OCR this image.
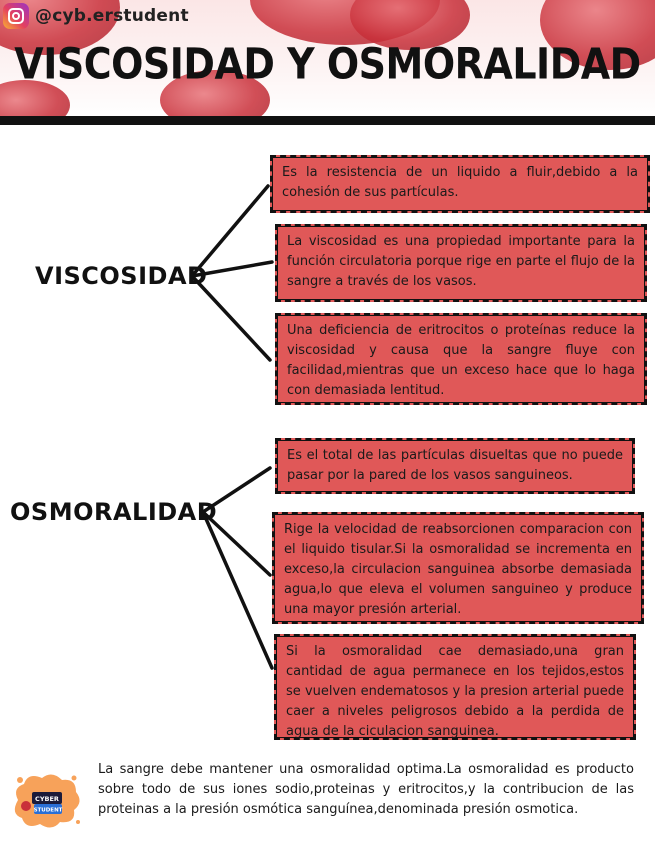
@cyb.erstudent
VISCOSIDAD Y OSMORALIDAD
VISCOSIDAD
OSMORALIDAD
Es la resistencia de un liquido a fluir,debido a la cohesión de sus partículas.
La viscosidad es una propiedad importante para la función circulatoria porque rige en parte el flujo de la sangre a través de los vasos.
Una deficiencia de eritrocitos o proteínas reduce la viscosidad y causa que la sangre fluye con facilidad,mientras que un exceso hace que lo haga con demasiada lentitud.
Es el total de las partículas disueltas que no puede pasar por la pared de los vasos sanguineos.
Rige la velocidad de reabsorcionen comparacion con el liquido tisular.Si la osmoralidad se incrementa en exceso,la circulacion sanguinea absorbe demasiada agua,lo que eleva el volumen sanguineo y produce una mayor presión arterial.
Si la osmoralidad cae demasiado,una gran cantidad de agua permanece en los tejidos,estos se vuelven endematosos y la presion arterial puede caer a niveles peligrosos debido a la perdida de agua de la ciculacion sanguinea.
CYBER
STUDENT
La sangre debe mantener una osmoralidad optima.La osmoralidad es producto sobre todo de sus iones sodio,proteinas y eritrocitos,y la contribucion de las proteinas a la presión osmótica sanguínea,denominada presión osmotica.
